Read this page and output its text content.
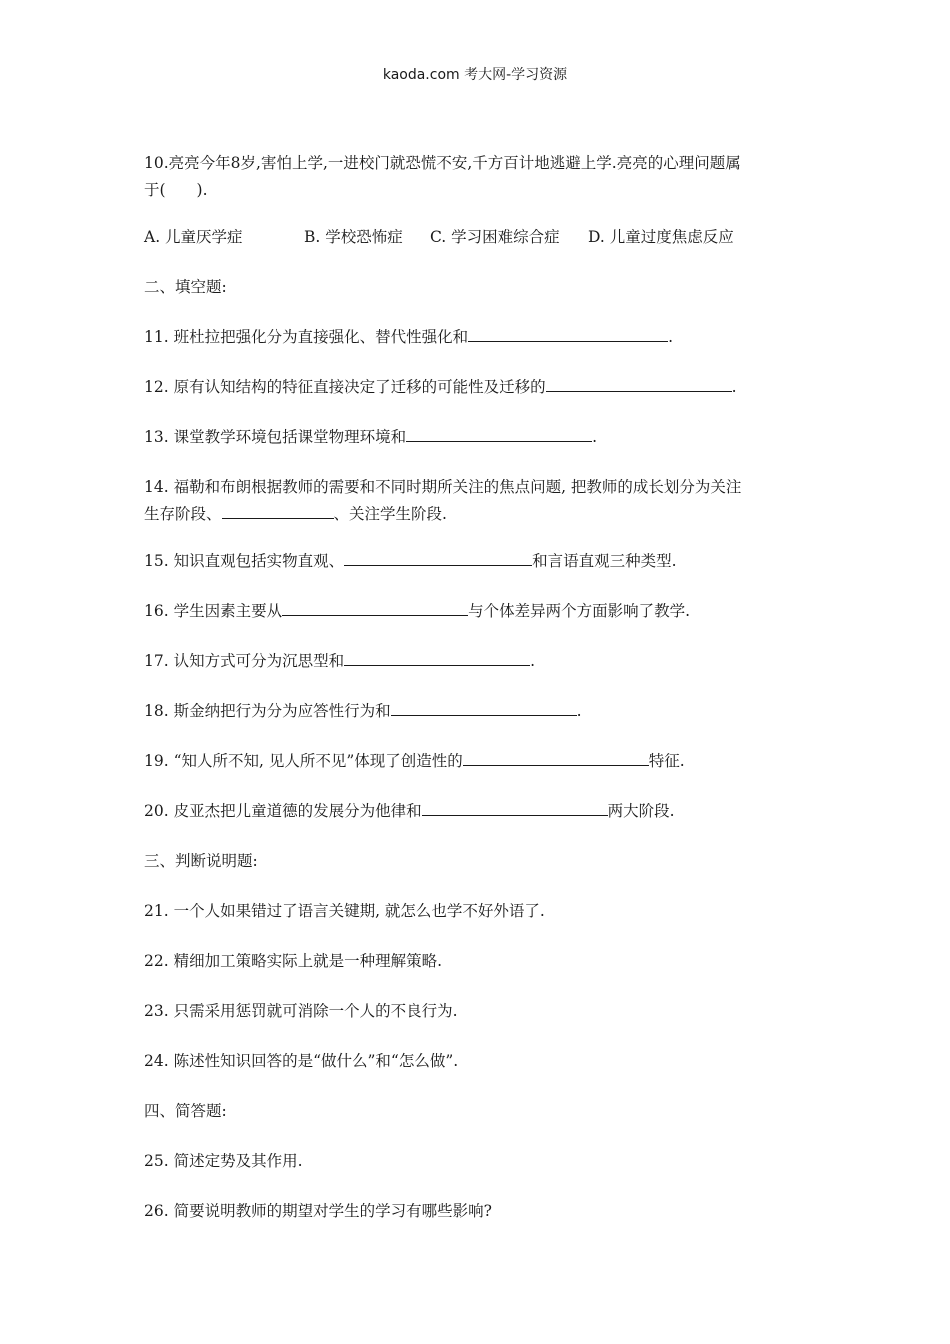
kaoda.com 考大网-学习资源

10.亮亮今年8岁,害怕上学,一进校门就恐慌不安,千方百计地逃避上学.亮亮的心理问题属

于(　　).

A. 儿童厌学症	B. 学校恐怖症 C. 学习困难综合症 D. 儿童过度焦虑反应

二、填空题:

11. 班杜拉把强化分为直接强化、替代性强化和	.

12. 原有认知结构的特征直接决定了迁移的可能性及迁移的	.

13. 课堂教学环境包括课堂物理环境和	.

14. 福勒和布朗根据教师的需要和不同时期所关注的焦点问题, 把教师的成长划分为关注

生存阶段、	、关注学生阶段.

15. 知识直观包括实物直观、	和言语直观三种类型.

16. 学生因素主要从	与个体差异两个方面影响了教学.

17. 认知方式可分为沉思型和	.

18. 斯金纳把行为分为应答性行为和	.

19. “知人所不知, 见人所不见”体现了创造性的	特征.

20. 皮亚杰把儿童道德的发展分为他律和	两大阶段.

三、判断说明题:

21. 一个人如果错过了语言关键期, 就怎么也学不好外语了.

22. 精细加工策略实际上就是一种理解策略.

23. 只需采用惩罚就可消除一个人的不良行为.

24. 陈述性知识回答的是“做什么”和“怎么做”.

四、简答题:

25. 简述定势及其作用.

26. 简要说明教师的期望对学生的学习有哪些影响?
